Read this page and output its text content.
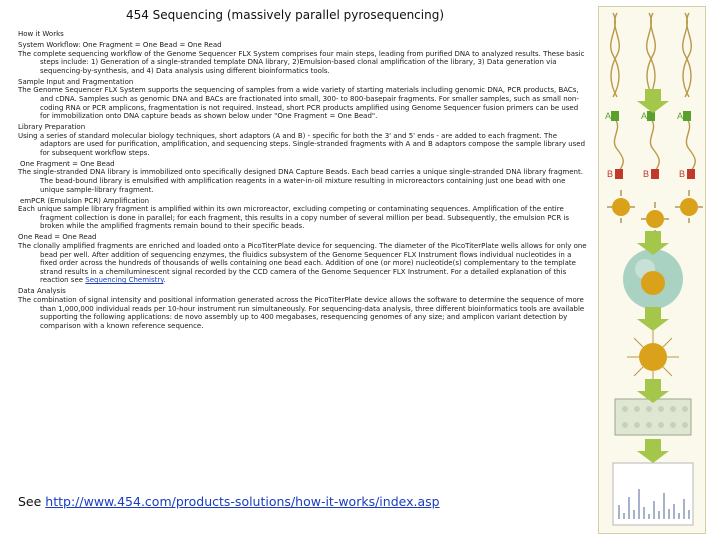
454 Sequencing (massively parallel pyrosequencing)

How it Works

System Workflow: One Fragment = One Bead = One Read

The complete sequencing workflow of the Genome Sequencer FLX System comprises four main steps, leading from purified DNA to analyzed results. These basic steps include: 1) Generation of a single-stranded template DNA library, 2)Emulsion-based clonal amplification of the library, 3) Data generation via sequencing-by-synthesis, and 4) Data analysis using different bioinformatics tools.

Sample Input and Fragmentation

The Genome Sequencer FLX System supports the sequencing of samples from a wide variety of starting materials including genomic DNA, PCR products, BACs, and cDNA. Samples such as genomic DNA and BACs are fractionated into small, 300- to 800-basepair fragments. For smaller samples, such as small non-coding RNA or PCR amplicons, fragmentation is not required. Instead, short PCR products amplified using Genome Sequencer fusion primers can be used for immobilization onto DNA capture beads as shown below under "One Fragment = One Bead".

Library Preparation

Using a series of standard molecular biology techniques, short adaptors (A and B) - specific for both the 3' and 5' ends - are added to each fragment. The adaptors are used for purification, amplification, and sequencing steps. Single-stranded fragments with A and B adaptors compose the sample library used for subsequent workflow steps.

One Fragment = One Bead

The single-stranded DNA library is immobilized onto specifically designed DNA Capture Beads. Each bead carries a unique single-stranded DNA library fragment. The bead-bound library is emulsified with amplification reagents in a water-in-oil mixture resulting in microreactors containing just one bead with one unique sample-library fragment.

emPCR (Emulsion PCR) Amplification

Each unique sample library fragment is amplified within its own microreactor, excluding competing or contaminating sequences. Amplification of the entire fragment collection is done in parallel; for each fragment, this results in a copy number of several million per bead. Subsequently, the emulsion PCR is broken while the amplified fragments remain bound to their specific beads.

One Read = One Read

The clonally amplified fragments are enriched and loaded onto a PicoTiterPlate device for sequencing. The diameter of the PicoTiterPlate wells allows for only one bead per well. After addition of sequencing enzymes, the fluidics subsystem of the Genome Sequencer FLX Instrument flows individual nucleotides in a fixed order across the hundreds of thousands of wells containing one bead each. Addition of one (or more) nucleotide(s) complementary to the template strand results in a chemiluminescent signal recorded by the CCD camera of the Genome Sequencer FLX Instrument. For a detailed explanation of this reaction see Sequencing Chemistry.

Data Analysis

The combination of signal intensity and positional information generated across the PicoTiterPlate device allows the software to determine the sequence of more than 1,000,000 individual reads per 10-hour instrument run simultaneously. For sequencing-data analysis, three different bioinformatics tools are available supporting the following applications: de novo assembly up to 400 megabases, resequencing genomes of any size; and amplicon variant detection by comparison with a known reference sequence.

See http://www.454.com/products-solutions/how-it-works/index.asp
A	A	A
B	B	B
